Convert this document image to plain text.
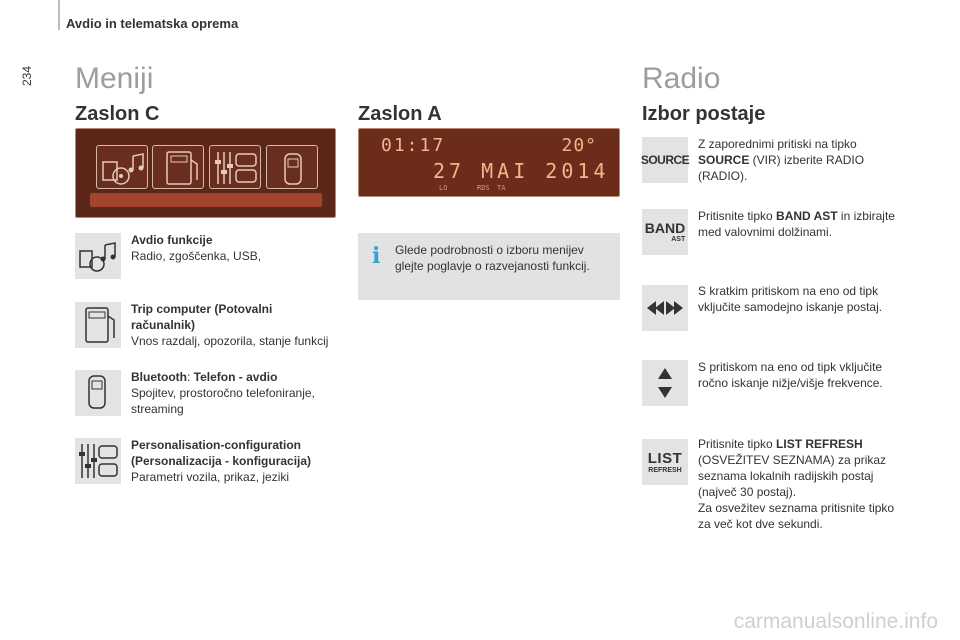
Avdio in telematska oprema
234 Meniji
Zaslon C
Avdio funkcije
Radio, zgoščenka, USB,
Trip computer (Potovalni računalnik)
Vnos razdalj, opozorila, stanje funkcij
Bluetooth: Telefon - avdio
Spojitev, prostoročno telefoniranje, streaming
Personalisation-configuration (Personalizacija - konfiguracija)
Parametri vozila, prikaz, jeziki
Zaslon A
01:17	20°
27 MAI 2014
LO	RDS TA
i Glede podrobnosti o izboru menijev glejte poglavje o razvejanosti funkcij.
Radio
Izbor postaje
SOURCE
Z zaporednimi pritiski na tipko SOURCE (VIR) izberite RADIO (RADIO).
BAND
AST
Pritisnite tipko BAND AST in izbirajte med valovnimi dolžinami.
S kratkim pritiskom na eno od tipk vključite samodejno iskanje postaj.
S pritiskom na eno od tipk vključite ročno iskanje nižje/višje frekvence.
LIST
REFRESH
Pritisnite tipko LIST REFRESH (OSVEŽITEV SEZNAMA) za prikaz seznama lokalnih radijskih postaj (največ 30 postaj).
Za osvežitev seznama pritisnite tipko za več kot dve sekundi.
carmanualsonline.info
